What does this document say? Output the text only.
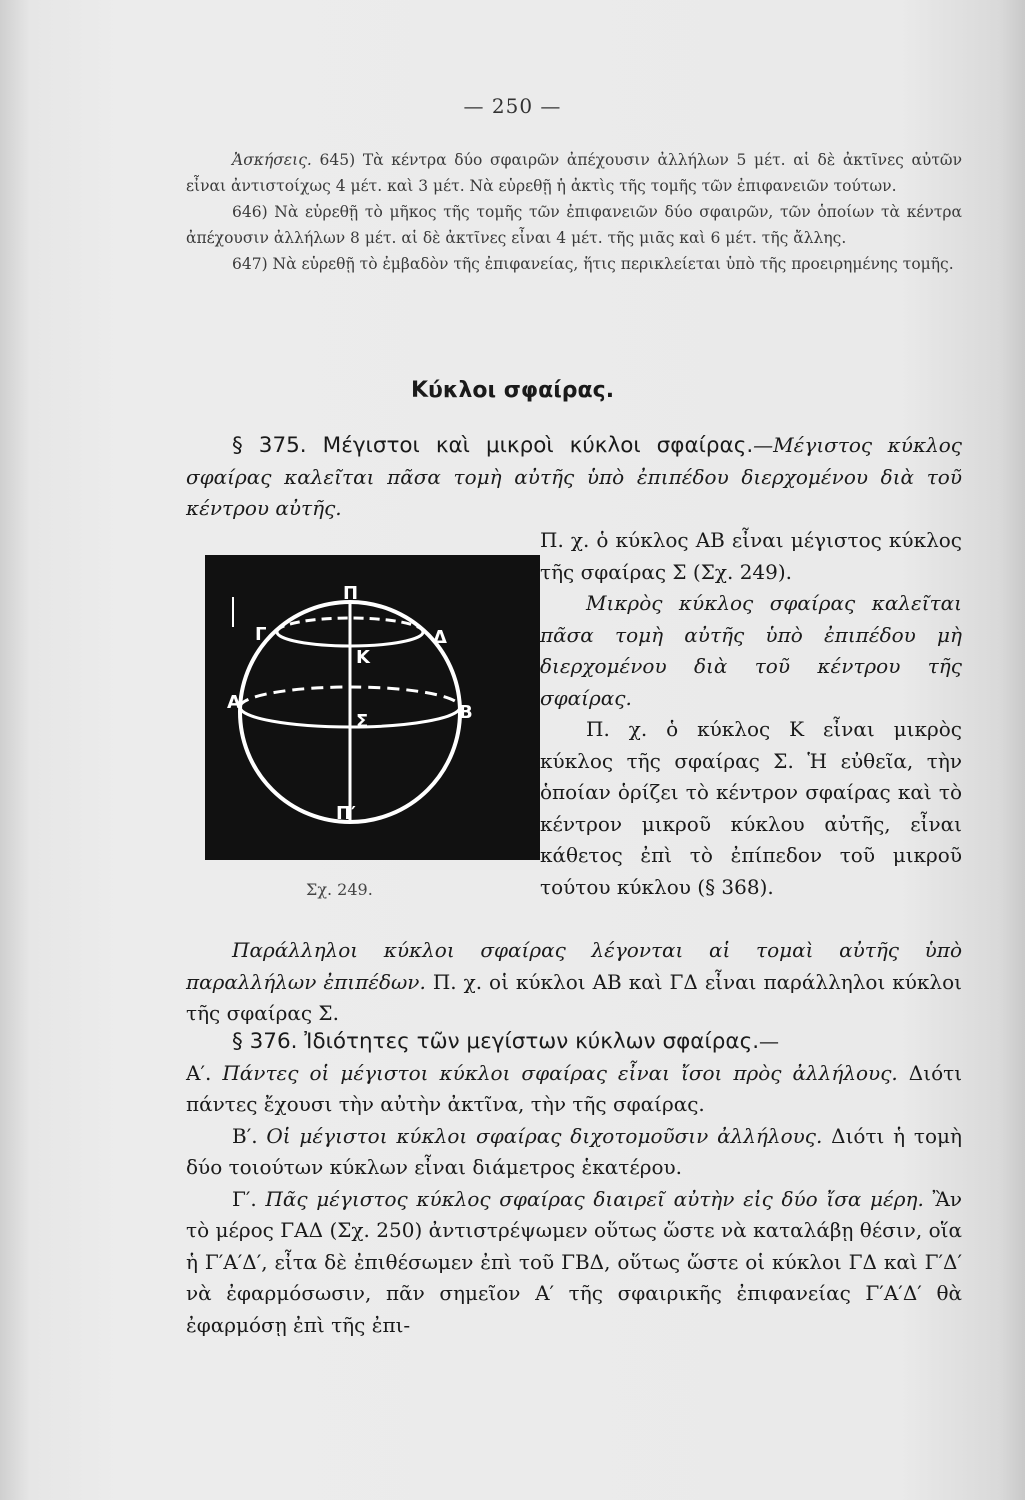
— 250 —

Ἀσκήσεις. 645) Τὰ κέντρα δύο σφαιρῶν ἀπέχουσιν ἀλλήλων 5 μέτ. αἱ δὲ ἀκτῖνες αὐτῶν εἶναι ἀντιστοίχως 4 μέτ. καὶ 3 μέτ. Νὰ εὑρεθῇ ἡ ἀκτὶς τῆς τομῆς τῶν ἐπιφανειῶν τούτων.

646) Νὰ εὑρεθῇ τὸ μῆκος τῆς τομῆς τῶν ἐπιφανειῶν δύο σφαιρῶν, τῶν ὁποίων τὰ κέντρα ἀπέχουσιν ἀλλήλων 8 μέτ. αἱ δὲ ἀκτῖνες εἶναι 4 μέτ. τῆς μιᾶς καὶ 6 μέτ. τῆς ἄλλης.

647) Νὰ εὑρεθῇ τὸ ἐμβαδὸν τῆς ἐπιφανείας, ἥτις περικλείεται ὑπὸ τῆς προειρημένης τομῆς.

Κύκλοι σφαίρας.

§ 375. Μέγιστοι καὶ μικροὶ κύκλοι σφαίρας.—Μέγιστος κύκλος σφαίρας καλεῖται πᾶσα τομὴ αὐτῆς ὑπὸ ἐπιπέδου διερχομένου διὰ τοῦ κέντρου αὐτῆς.

Π. χ. ὁ κύκλος ΑΒ εἶναι μέγιστος κύκλος τῆς σφαίρας Σ (Σχ. 249).

Μικρὸς κύκλος σφαίρας καλεῖται πᾶσα τομὴ αὐτῆς ὑπὸ ἐπιπέδου μὴ διερχομένου διὰ τοῦ κέντρου τῆς σφαίρας.

Π. χ. ὁ κύκλος Κ εἶναι μικρὸς κύκλος τῆς σφαίρας Σ. Ἡ εὐθεῖα, τὴν ὁποίαν ὁρίζει τὸ κέντρον σφαίρας καὶ τὸ κέντρον μικροῦ κύκλου αὐτῆς, εἶναι κάθετος ἐπὶ τὸ ἐπίπεδον τοῦ μικροῦ τούτου κύκλου (§ 368).

Π
Γ	Δ
Κ
Α
Σ	Β
Π′
Σχ. 249.

Παράλληλοι κύκλοι σφαίρας λέγονται αἱ τομαὶ αὐτῆς ὑπὸ παραλλήλων ἐπιπέδων. Π. χ. οἱ κύκλοι ΑΒ καὶ ΓΔ εἶναι παράλληλοι κύκλοι τῆς σφαίρας Σ.

§ 376. Ἰδιότητες τῶν μεγίστων κύκλων σφαίρας.—

Α′. Πάντες οἱ μέγιστοι κύκλοι σφαίρας εἶναι ἴσοι πρὸς ἀλλήλους. Διότι πάντες ἔχουσι τὴν αὐτὴν ἀκτῖνα, τὴν τῆς σφαίρας.

Β′. Οἱ μέγιστοι κύκλοι σφαίρας διχοτομοῦσιν ἀλλήλους. Διότι ἡ τομὴ δύο τοιούτων κύκλων εἶναι διάμετρος ἑκατέρου.

Γ′. Πᾶς μέγιστος κύκλος σφαίρας διαιρεῖ αὐτὴν εἰς δύο ἴσα μέρη. Ἂν τὸ μέρος ΓΑΔ (Σχ. 250) ἀντιστρέψωμεν οὕτως ὥστε νὰ καταλάβῃ θέσιν, οἵα ἡ Γ′Α′Δ′, εἶτα δὲ ἐπιθέσωμεν ἐπὶ τοῦ ΓΒΔ, οὕτως ὥστε οἱ κύκλοι ΓΔ καὶ Γ′Δ′ νὰ ἐφαρμόσωσιν, πᾶν σημεῖον Α′ τῆς σφαιρικῆς ἐπιφανείας Γ′Α′Δ′ θὰ ἐφαρμόσῃ ἐπὶ τῆς ἐπι-
